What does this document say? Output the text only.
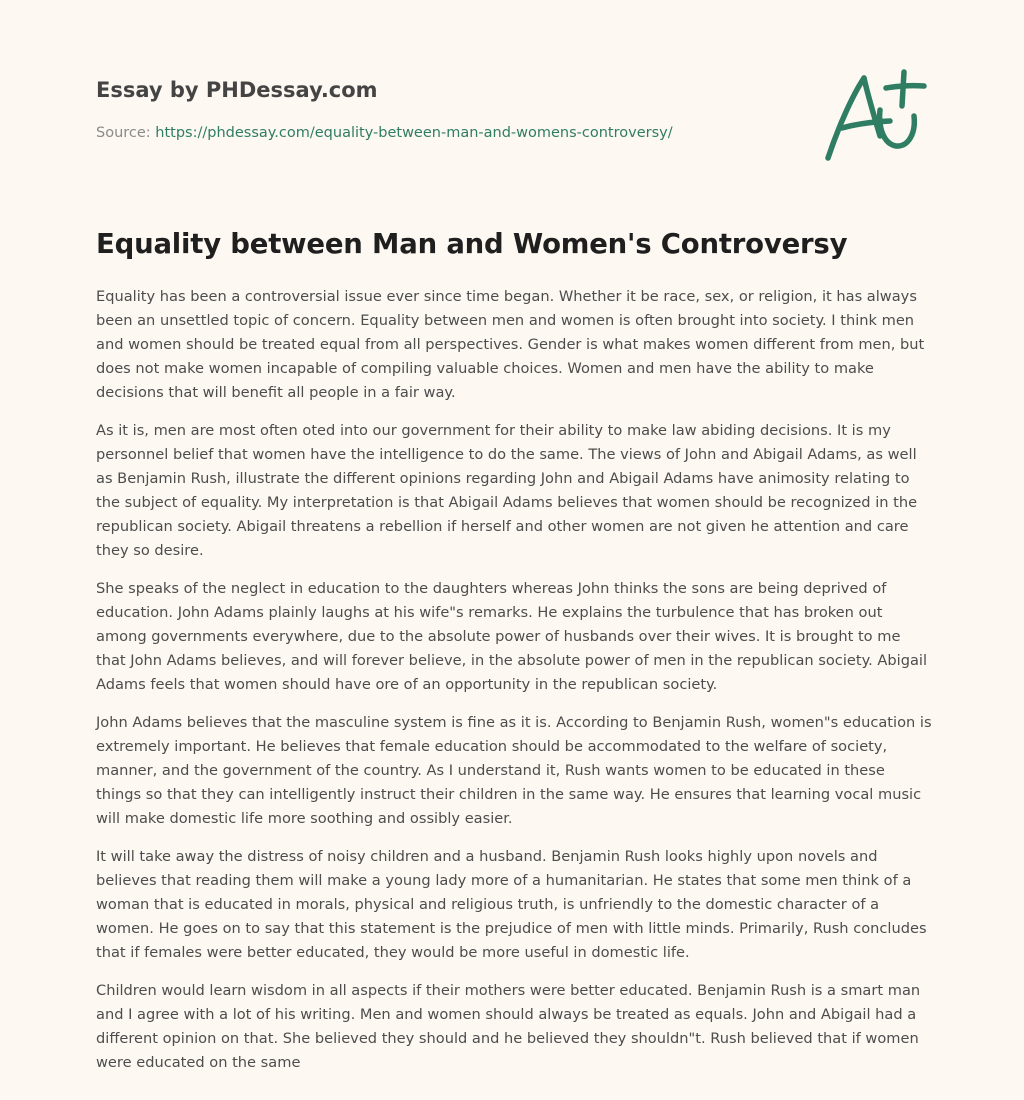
Essay by PHDessay.com
Source: https://phdessay.com/equality-between-man-and-womens-controversy/
Equality between Man and Women's Controversy

Equality has been a controversial issue ever since time began. Whether it be race, sex, or religion, it has always been an unsettled topic of concern. Equality between men and women is often brought into society. I think men and women should be treated equal from all perspectives. Gender is what makes women different from men, but does not make women incapable of compiling valuable choices. Women and men have the ability to make decisions that will benefit all people in a fair way.

As it is, men are most often oted into our government for their ability to make law abiding decisions. It is my personnel belief that women have the intelligence to do the same. The views of John and Abigail Adams, as well as Benjamin Rush, illustrate the different opinions regarding John and Abigail Adams have animosity relating to the subject of equality. My interpretation is that Abigail Adams believes that women should be recognized in the republican society. Abigail threatens a rebellion if herself and other women are not given he attention and care they so desire.

She speaks of the neglect in education to the daughters whereas John thinks the sons are being deprived of education. John Adams plainly laughs at his wife"s remarks. He explains the turbulence that has broken out among governments everywhere, due to the absolute power of husbands over their wives. It is brought to me that John Adams believes, and will forever believe, in the absolute power of men in the republican society. Abigail Adams feels that women should have ore of an opportunity in the republican society.

John Adams believes that the masculine system is fine as it is. According to Benjamin Rush, women"s education is extremely important. He believes that female education should be accommodated to the welfare of society, manner, and the government of the country. As I understand it, Rush wants women to be educated in these things so that they can intelligently instruct their children in the same way. He ensures that learning vocal music will make domestic life more soothing and ossibly easier.

It will take away the distress of noisy children and a husband. Benjamin Rush looks highly upon novels and believes that reading them will make a young lady more of a humanitarian. He states that some men think of a woman that is educated in morals, physical and religious truth, is unfriendly to the domestic character of a women. He goes on to say that this statement is the prejudice of men with little minds. Primarily, Rush concludes that if females were better educated, they would be more useful in domestic life.

Children would learn wisdom in all aspects if their mothers were better educated. Benjamin Rush is a smart man and I agree with a lot of his writing. Men and women should always be treated as equals. John and Abigail had a different opinion on that. She believed they should and he believed they shouldn"t. Rush believed that if women were educated on the same
